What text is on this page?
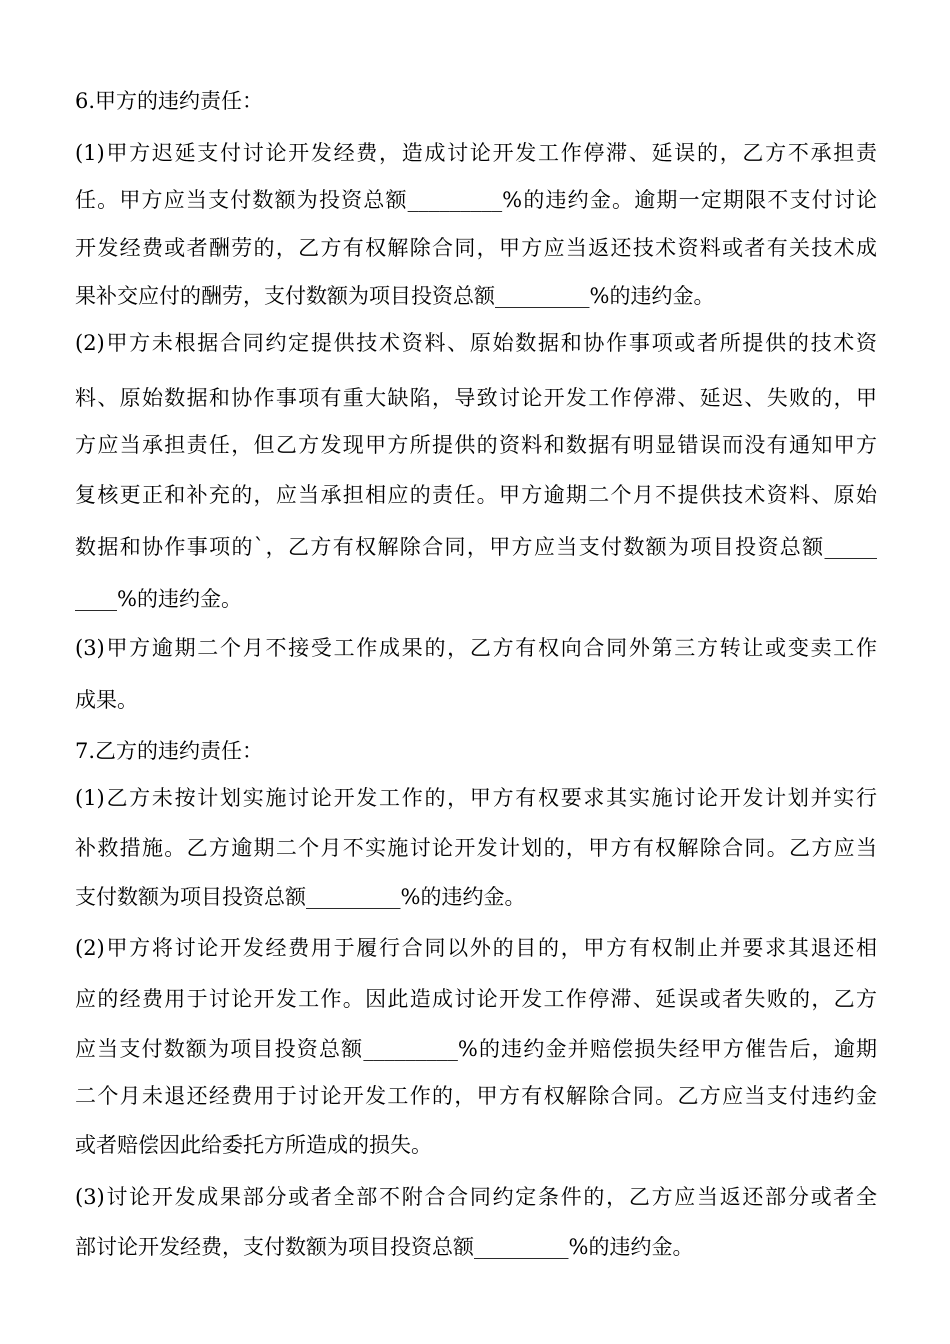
6.甲方的违约责任：
(1)甲方迟延支付讨论开发经费，造成讨论开发工作停滞、延误的，乙方不承担责
任。甲方应当支付数额为投资总额_________%的违约金。逾期一定期限不支付讨论
开发经费或者酬劳的，乙方有权解除合同，甲方应当返还技术资料或者有关技术成
果补交应付的酬劳，支付数额为项目投资总额_________%的违约金。
(2)甲方未根据合同约定提供技术资料、原始数据和协作事项或者所提供的技术资
料、原始数据和协作事项有重大缺陷，导致讨论开发工作停滞、延迟、失败的，甲
方应当承担责任，但乙方发现甲方所提供的资料和数据有明显错误而没有通知甲方
复核更正和补充的，应当承担相应的责任。甲方逾期二个月不提供技术资料、原始
数据和协作事项的`，乙方有权解除合同，甲方应当支付数额为项目投资总额_____
____%的违约金。
(3)甲方逾期二个月不接受工作成果的，乙方有权向合同外第三方转让或变卖工作
成果。
7.乙方的违约责任：
(1)乙方未按计划实施讨论开发工作的，甲方有权要求其实施讨论开发计划并实行
补救措施。乙方逾期二个月不实施讨论开发计划的，甲方有权解除合同。乙方应当
支付数额为项目投资总额_________%的违约金。
(2)甲方将讨论开发经费用于履行合同以外的目的，甲方有权制止并要求其退还相
应的经费用于讨论开发工作。因此造成讨论开发工作停滞、延误或者失败的，乙方
应当支付数额为项目投资总额_________%的违约金并赔偿损失经甲方催告后，逾期
二个月未退还经费用于讨论开发工作的，甲方有权解除合同。乙方应当支付违约金
或者赔偿因此给委托方所造成的损失。
(3)讨论开发成果部分或者全部不附合合同约定条件的，乙方应当返还部分或者全
部讨论开发经费，支付数额为项目投资总额_________%的违约金。
